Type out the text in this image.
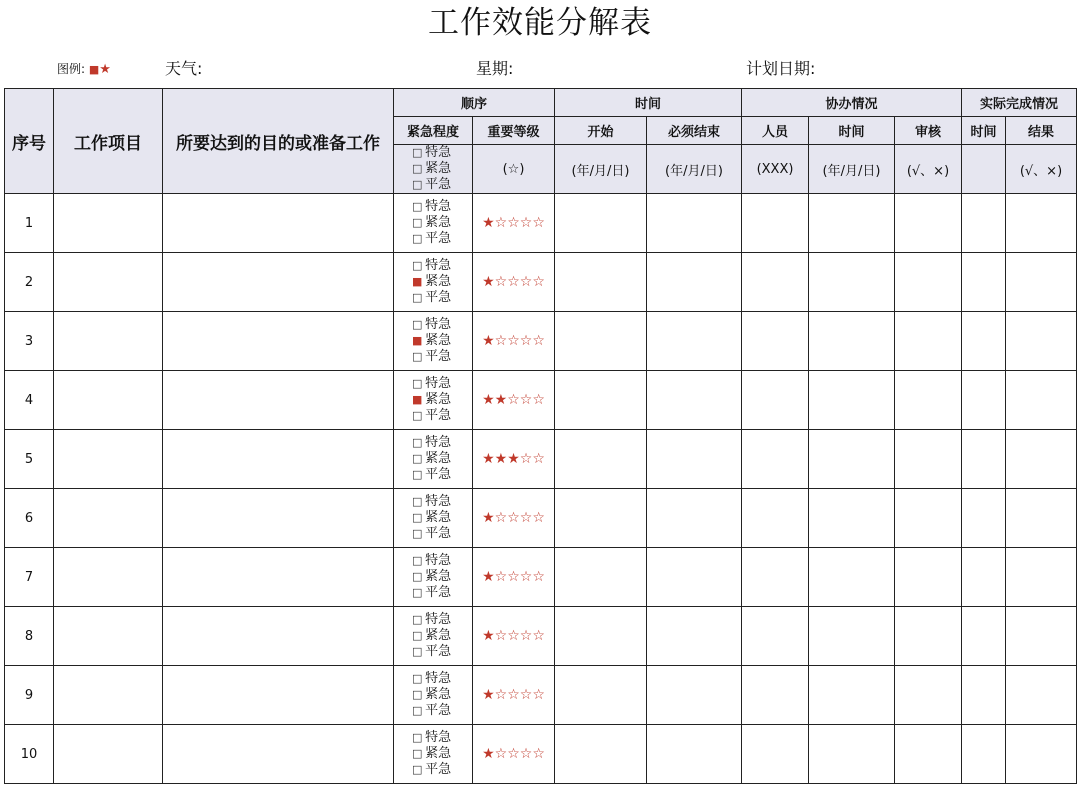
工作效能分解表
图例: ■★	天气:	星期:	计划日期:
序号	工作项目	所要达到的目的或准备工作	顺序		时间		协办情况			实际完成情况	
			紧急程度	重要等级	开始	必须结束	人员	时间	审核	时间	结果

			□ 特急
□ 紧急
□ 平急	(☆)	(年/月/日)	(年/月/日)	(XXX)	(年/月/日)	(√、×)		(√、×)
1			□ 特急
□ 紧急
□ 平急	★☆☆☆☆							
2			□ 特急
■ 紧急
□ 平急	★☆☆☆☆							
3			□ 特急
■ 紧急
□ 平急	★☆☆☆☆							
4			□ 特急
■ 紧急
□ 平急	★★☆☆☆							
5			□ 特急
□ 紧急
□ 平急	★★★☆☆							
6			□ 特急
□ 紧急
□ 平急	★☆☆☆☆							
7			□ 特急
□ 紧急
□ 平急	★☆☆☆☆							
8			□ 特急
□ 紧急
□ 平急	★☆☆☆☆							
9			□ 特急
□ 紧急
□ 平急	★☆☆☆☆							
10			□ 特急
□ 紧急
□ 平急	★☆☆☆☆							
